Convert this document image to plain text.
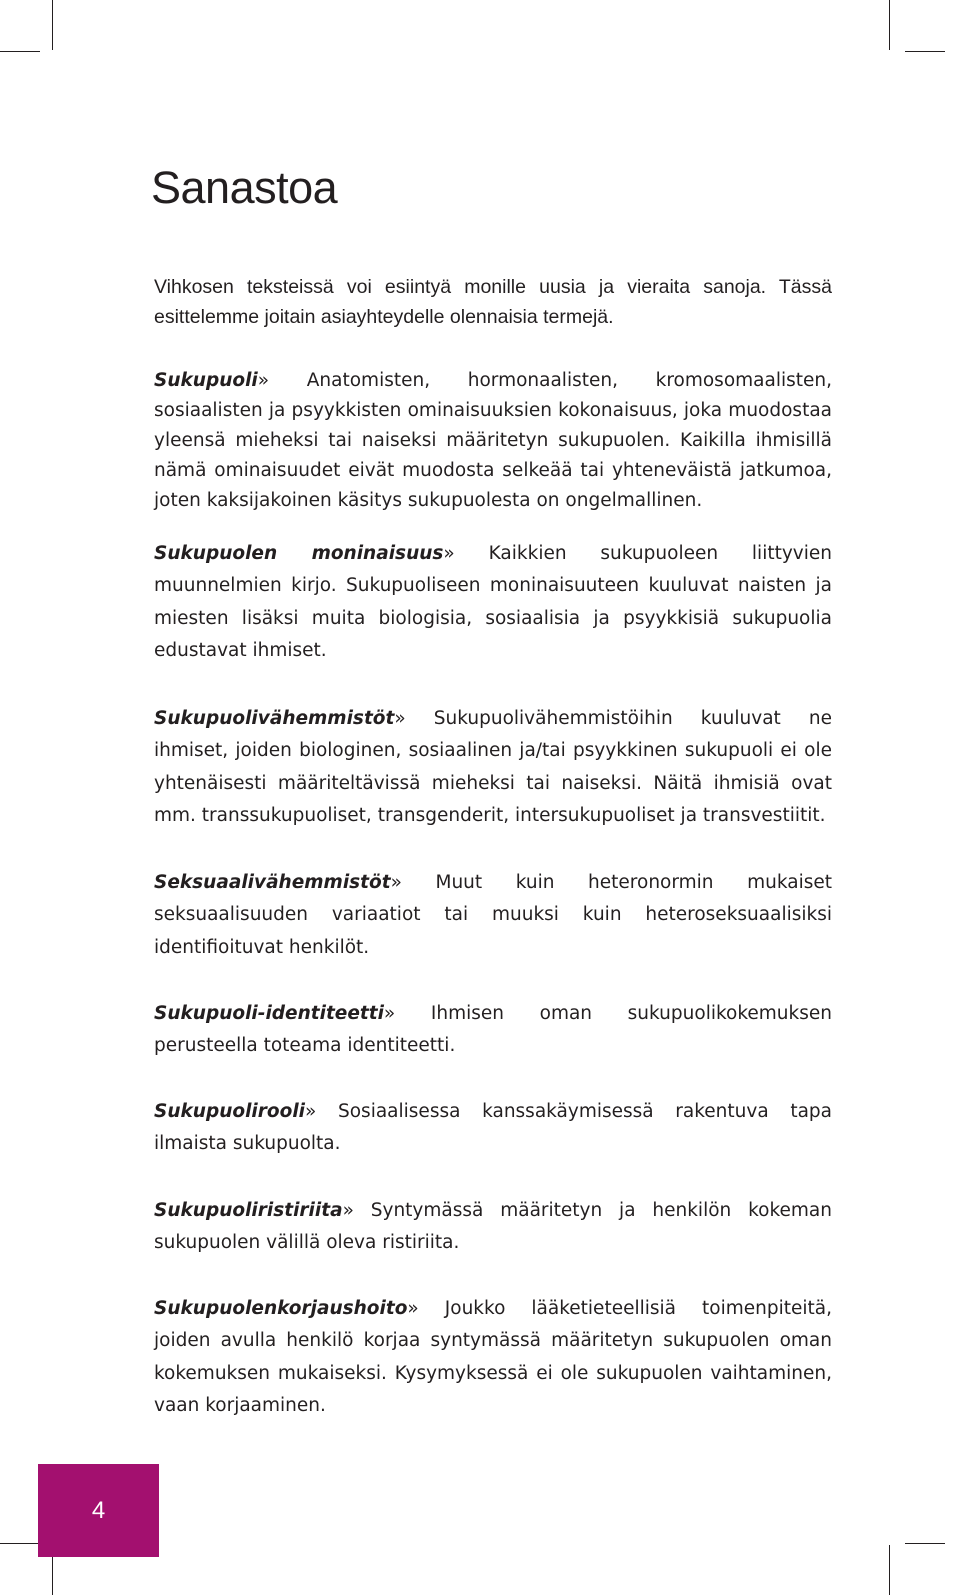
Sanastoa

Vihkosen teksteissä voi esiintyä monille uusia ja vieraita sanoja. Tässä esittelemme joitain asiayhteydelle olennaisia termejä.

Sukupuoli» Anatomisten, hormonaalisten, kromosomaalisten, sosiaalisten ja psyykkisten ominaisuuksien kokonaisuus, joka muodostaa yleensä mieheksi tai naiseksi määritetyn sukupuolen. Kaikilla ihmisillä nämä ominaisuudet eivät muodosta selkeää tai yhteneväistä jatkumoa, joten kaksijakoinen käsitys sukupuolesta on ongelmallinen.

Sukupuolen moninaisuus» Kaikkien sukupuoleen liittyvien muunnelmien kirjo. Sukupuoliseen moninaisuuteen kuuluvat naisten ja miesten lisäksi muita biologisia, sosiaalisia ja psyykkisiä sukupuolia edustavat ihmiset.

Sukupuolivähemmistöt» Sukupuolivähemmistöihin kuuluvat ne ihmiset, joiden biologinen, sosiaalinen ja/tai psyykkinen sukupuoli ei ole yhtenäisesti määriteltävissä mieheksi tai naiseksi. Näitä ihmisiä ovat mm. transsukupuoliset, transgenderit, intersukupuoliset ja transvestiitit.

Seksuaalivähemmistöt» Muut kuin heteronormin mukaiset seksuaalisuuden variaatiot tai muuksi kuin heteroseksuaalisiksi identifioituvat henkilöt.

Sukupuoli-identiteetti» Ihmisen oman sukupuolikokemuksen perusteella toteama identiteetti.

Sukupuolirooli» Sosiaalisessa kanssakäymisessä rakentuva tapa ilmaista sukupuolta.

Sukupuoliristiriita» Syntymässä määritetyn ja henkilön kokeman sukupuolen välillä oleva ristiriita.

Sukupuolenkorjaushoito» Joukko lääketieteellisiä toimenpiteitä, joiden avulla henkilö korjaa syntymässä määritetyn sukupuolen oman kokemuksen mukaiseksi. Kysymyksessä ei ole sukupuolen vaihtaminen, vaan korjaaminen.

4
